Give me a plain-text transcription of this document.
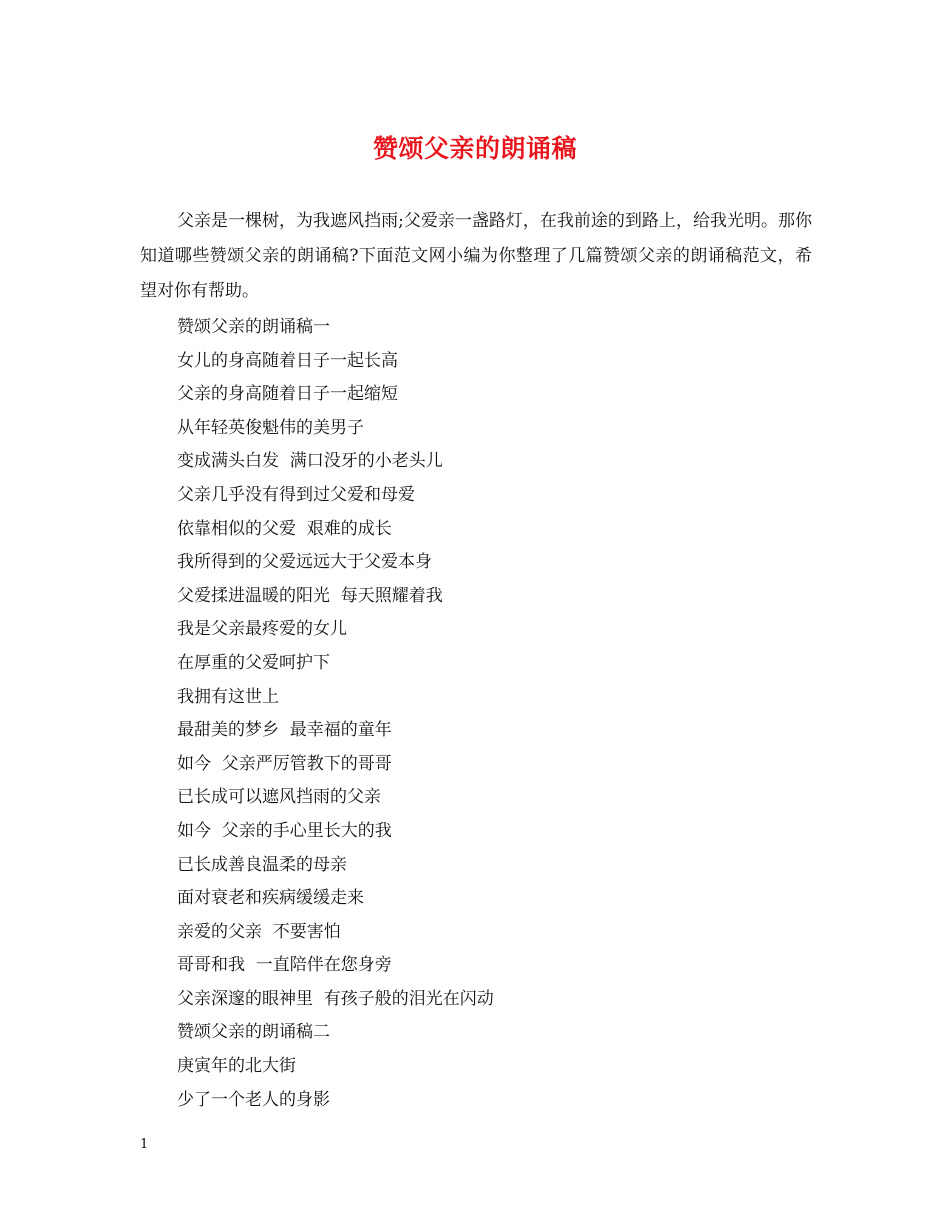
赞颂父亲的朗诵稿

父亲是一棵树，为我遮风挡雨;父爱亲一盏路灯，在我前途的到路上，给我光明。那你知道哪些赞颂父亲的朗诵稿?下面范文网小编为你整理了几篇赞颂父亲的朗诵稿范文，希望对你有帮助。

赞颂父亲的朗诵稿一
女儿的身高随着日子一起长高
父亲的身高随着日子一起缩短
从年轻英俊魁伟的美男子
变成满头白发  满口没牙的小老头儿
父亲几乎没有得到过父爱和母爱
依靠相似的父爱  艰难的成长
我所得到的父爱远远大于父爱本身
父爱揉进温暖的阳光  每天照耀着我
我是父亲最疼爱的女儿
在厚重的父爱呵护下
我拥有这世上
最甜美的梦乡  最幸福的童年
如今  父亲严厉管教下的哥哥
已长成可以遮风挡雨的父亲
如今  父亲的手心里长大的我
已长成善良温柔的母亲
面对衰老和疾病缓缓走来
亲爱的父亲  不要害怕
哥哥和我  一直陪伴在您身旁
父亲深邃的眼神里  有孩子般的泪光在闪动
赞颂父亲的朗诵稿二
庚寅年的北大街
少了一个老人的身影
1
